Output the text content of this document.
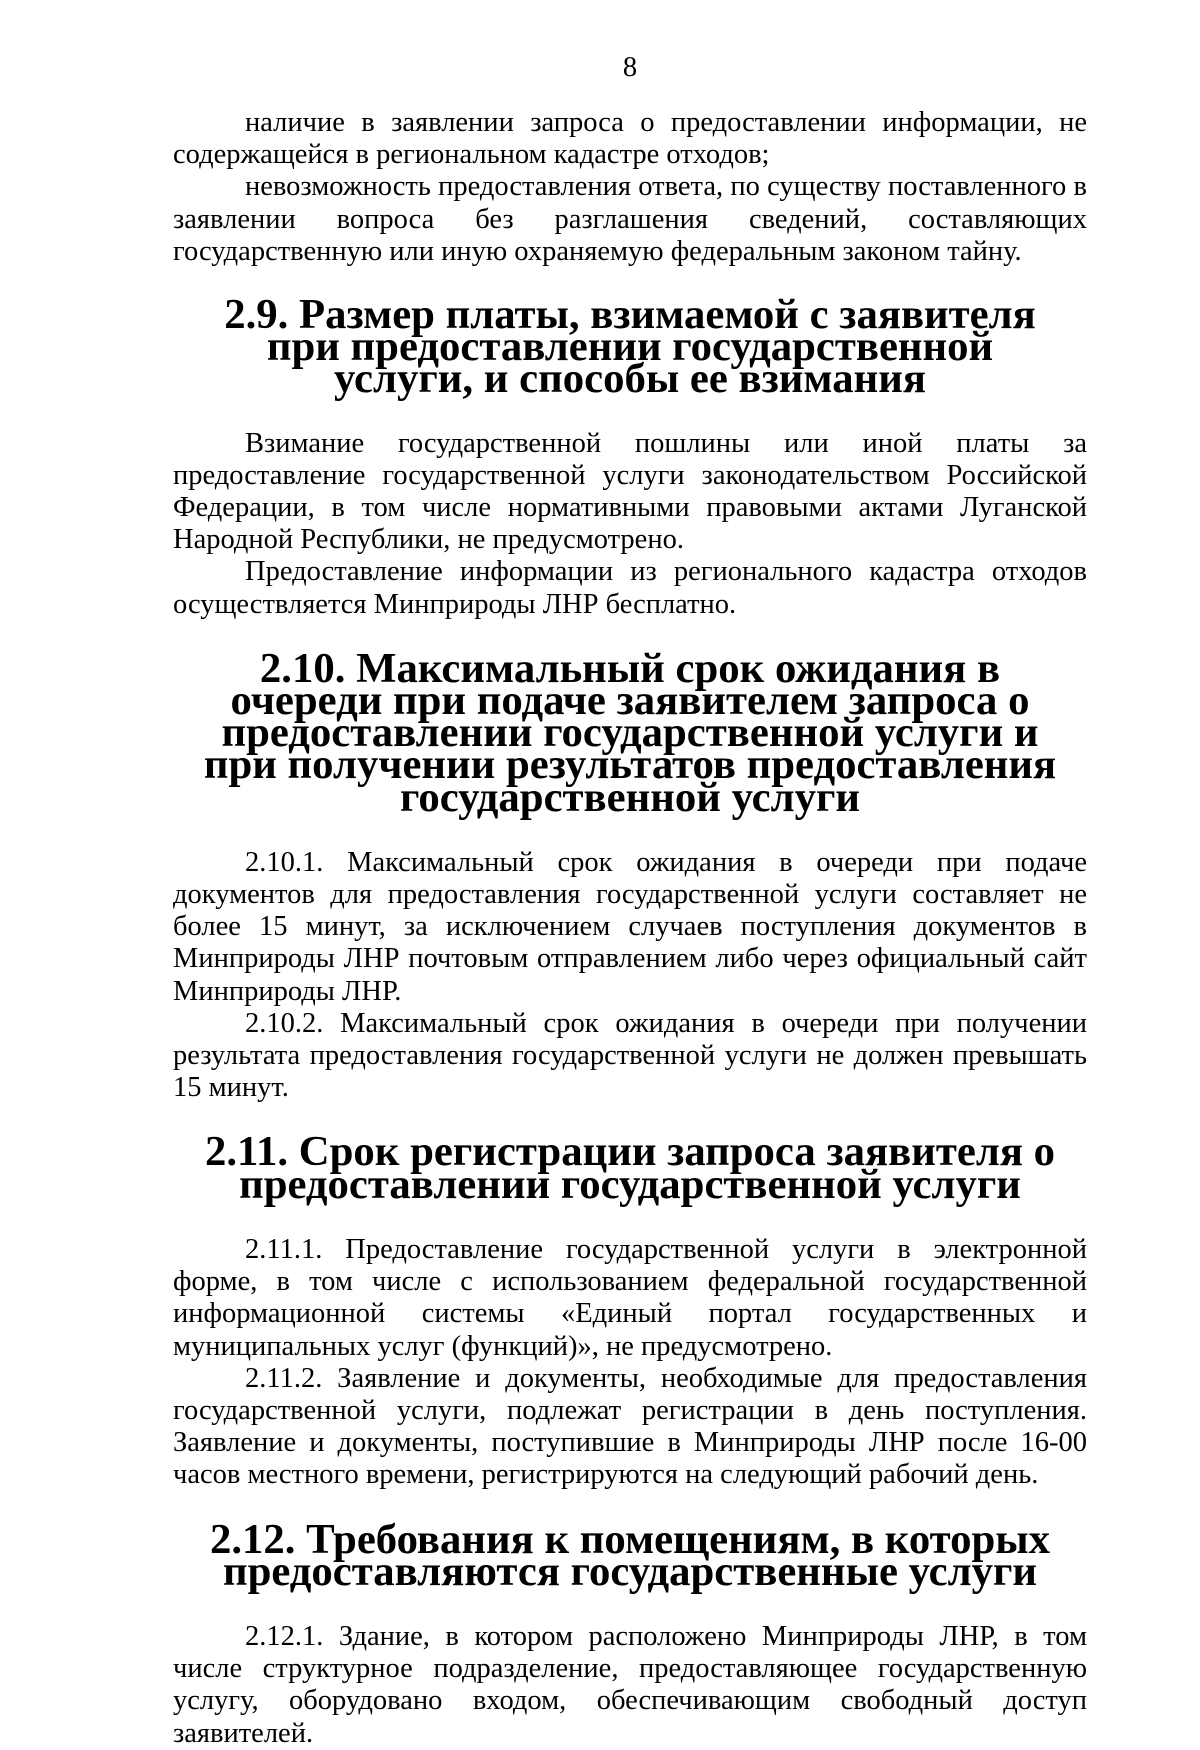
8

наличие в заявлении запроса о предоставлении информации, не содержащейся в региональном кадастре отходов;

невозможность предоставления ответа, по существу поставленного в заявлении вопроса без разглашения сведений, составляющих государственную или иную охраняемую федеральным законом тайну.

2.9. Размер платы, взимаемой с заявителя при предоставлении государственной услуги, и способы ее взимания

Взимание государственной пошлины или иной платы за предоставление государственной услуги законодательством Российской Федерации, в том числе нормативными правовыми актами Луганской Народной Республики, не предусмотрено.

Предоставление информации из регионального кадастра отходов осуществляется Минприроды ЛНР бесплатно.

2.10. Максимальный срок ожидания в очереди при подаче заявителем запроса о предоставлении государственной услуги и при получении результатов предоставления государственной услуги

2.10.1. Максимальный срок ожидания в очереди при подаче документов для предоставления государственной услуги составляет не более 15 минут, за исключением случаев поступления документов в Минприроды ЛНР почтовым отправлением либо через официальный сайт Минприроды ЛНР.

2.10.2. Максимальный срок ожидания в очереди при получении результата предоставления государственной услуги не должен превышать 15 минут.

2.11. Срок регистрации запроса заявителя о предоставлении государственной услуги

2.11.1. Предоставление государственной услуги в электронной форме, в том числе с использованием федеральной государственной информационной системы «Единый портал государственных и муниципальных услуг (функций)», не предусмотрено.

2.11.2. Заявление и документы, необходимые для предоставления государственной услуги, подлежат регистрации в день поступления. Заявление и документы, поступившие в Минприроды ЛНР после 16-00 часов местного времени, регистрируются на следующий рабочий день.

2.12. Требования к помещениям, в которых предоставляются государственные услуги

2.12.1. Здание, в котором расположено Минприроды ЛНР, в том числе структурное подразделение, предоставляющее государственную услугу, оборудовано входом, обеспечивающим свободный доступ заявителей.
